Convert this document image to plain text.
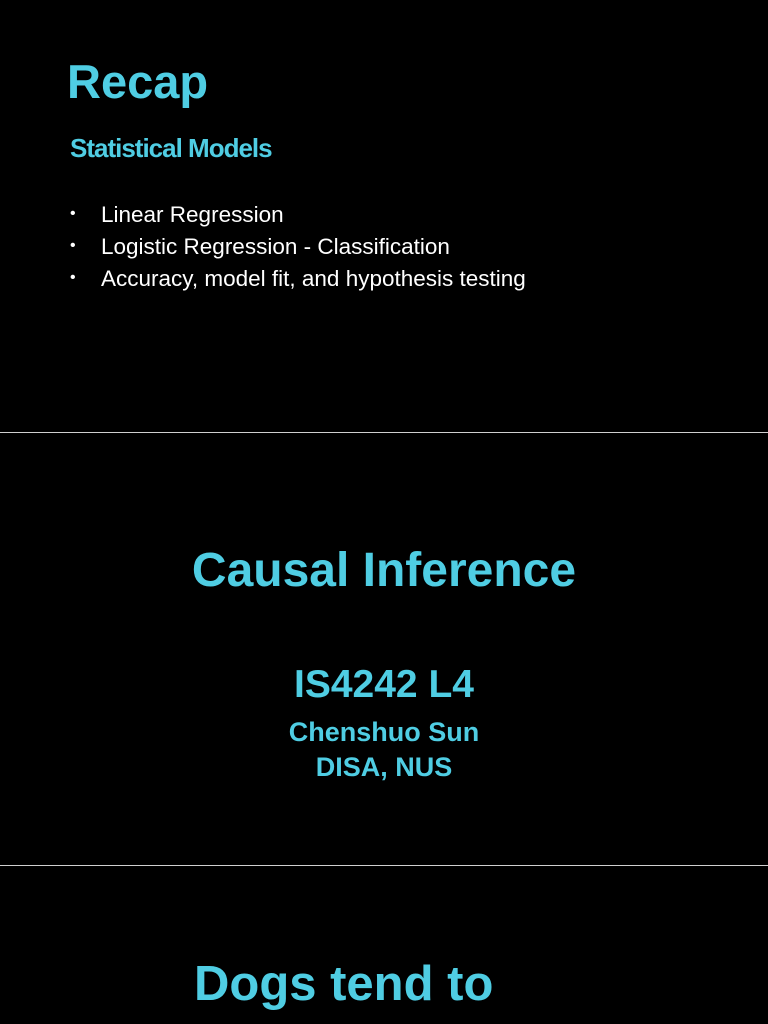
Recap
Statistical Models
• Linear Regression
• Logistic Regression - Classification
• Accuracy, model fit, and hypothesis testing
Causal Inference
IS4242 L4
Chenshuo Sun
DISA, NUS
Dogs tend to
